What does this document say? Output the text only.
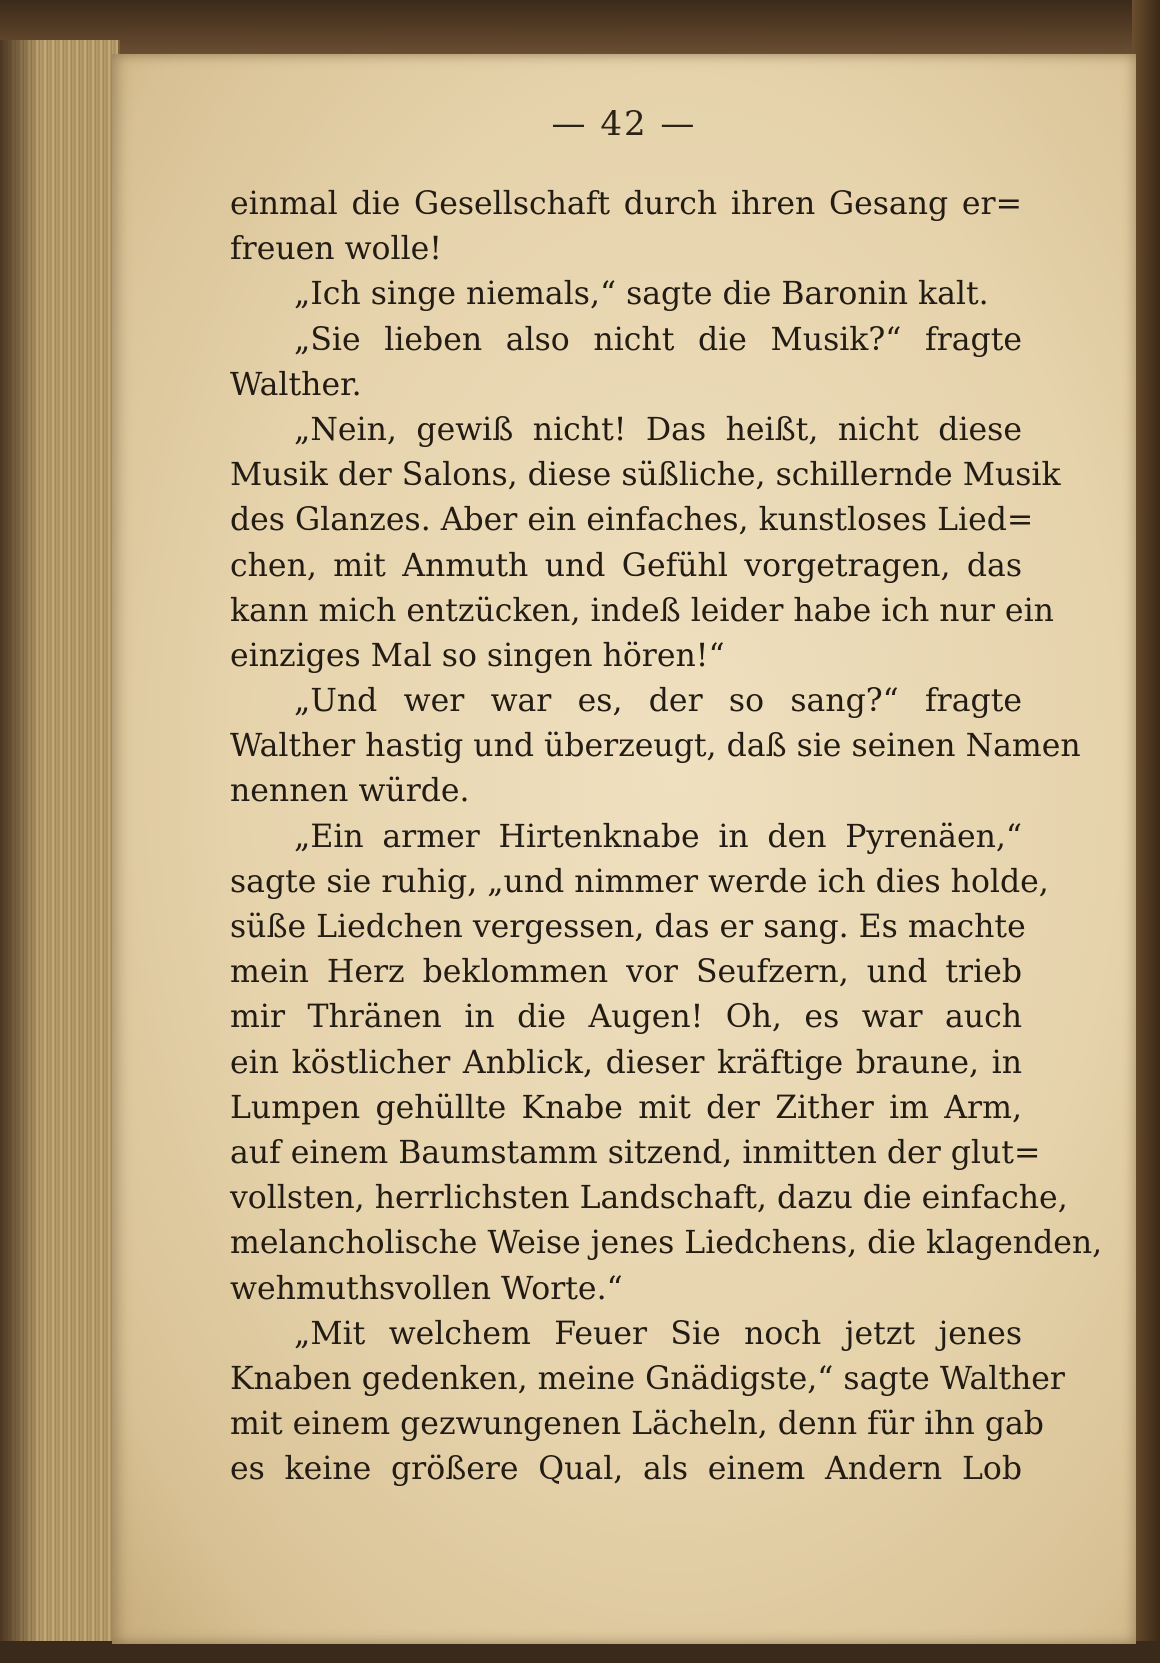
— 42 —
einmal die Gesellschaft durch ihren Gesang er=
freuen wolle!
„Ich singe niemals,“ sagte die Baronin kalt.
„Sie lieben also nicht die Musik?“ fragte
Walther.
„Nein, gewiß nicht! Das heißt, nicht diese
Musik der Salons, diese süßliche, schillernde Musik
des Glanzes. Aber ein einfaches, kunstloses Lied=
chen, mit Anmuth und Gefühl vorgetragen, das
kann mich entzücken, indeß leider habe ich nur ein
einziges Mal so singen hören!“
„Und wer war es, der so sang?“ fragte
Walther hastig und überzeugt, daß sie seinen Namen
nennen würde.
„Ein armer Hirtenknabe in den Pyrenäen,“
sagte sie ruhig, „und nimmer werde ich dies holde,
süße Liedchen vergessen, das er sang. Es machte
mein Herz beklommen vor Seufzern, und trieb
mir Thränen in die Augen! Oh, es war auch
ein köstlicher Anblick, dieser kräftige braune, in
Lumpen gehüllte Knabe mit der Zither im Arm,
auf einem Baumstamm sitzend, inmitten der glut=
vollsten, herrlichsten Landschaft, dazu die einfache,
melancholische Weise jenes Liedchens, die klagenden,
wehmuthsvollen Worte.“
„Mit welchem Feuer Sie noch jetzt jenes
Knaben gedenken, meine Gnädigste,“ sagte Walther
mit einem gezwungenen Lächeln, denn für ihn gab
es keine größere Qual, als einem Andern Lob
